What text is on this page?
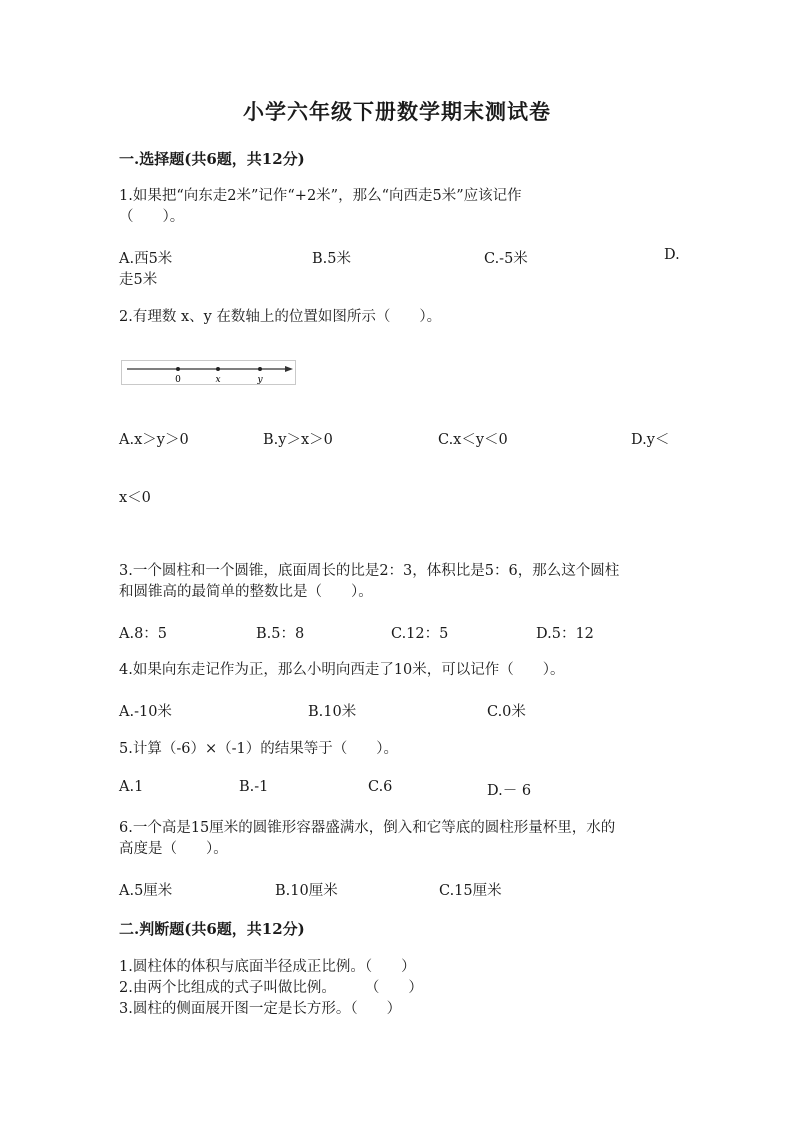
小学六年级下册数学期末测试卷
一.选择题(共6题，共12分)
1.如果把“向东走2米”记作“+2米”，那么“向西走5米”应该记作
（　　）。
A.西5米	B.5米	C.-5米	D.
走5米
2.有理数 x、y 在数轴上的位置如图所示（　　）。
0	x	y
A.x＞y＞0	B.y＞x＞0	C.x＜y＜0	D.y＜
x＜0
3.一个圆柱和一个圆锥，底面周长的比是2：3，体积比是5：6，那么这个圆柱
和圆锥高的最简单的整数比是（　　）。
A.8：5	B.5：8	C.12：5	D.5：12
4.如果向东走记作为正，那么小明向西走了10米，可以记作（　　）。
A.-10米	B.10米	C.0米
5.计算（-6）×（-1）的结果等于（　　）。
A.1	B.-1	C.6	D.－ 6
6.一个高是15厘米的圆锥形容器盛满水，倒入和它等底的圆柱形量杯里，水的
高度是（　　）。
A.5厘米	B.10厘米	C.15厘米
二.判断题(共6题，共12分)
1.圆柱体的体积与底面半径成正比例。（　　）
2.由两个比组成的式子叫做比例。　　　（　　）
3.圆柱的侧面展开图一定是长方形。（　　）
